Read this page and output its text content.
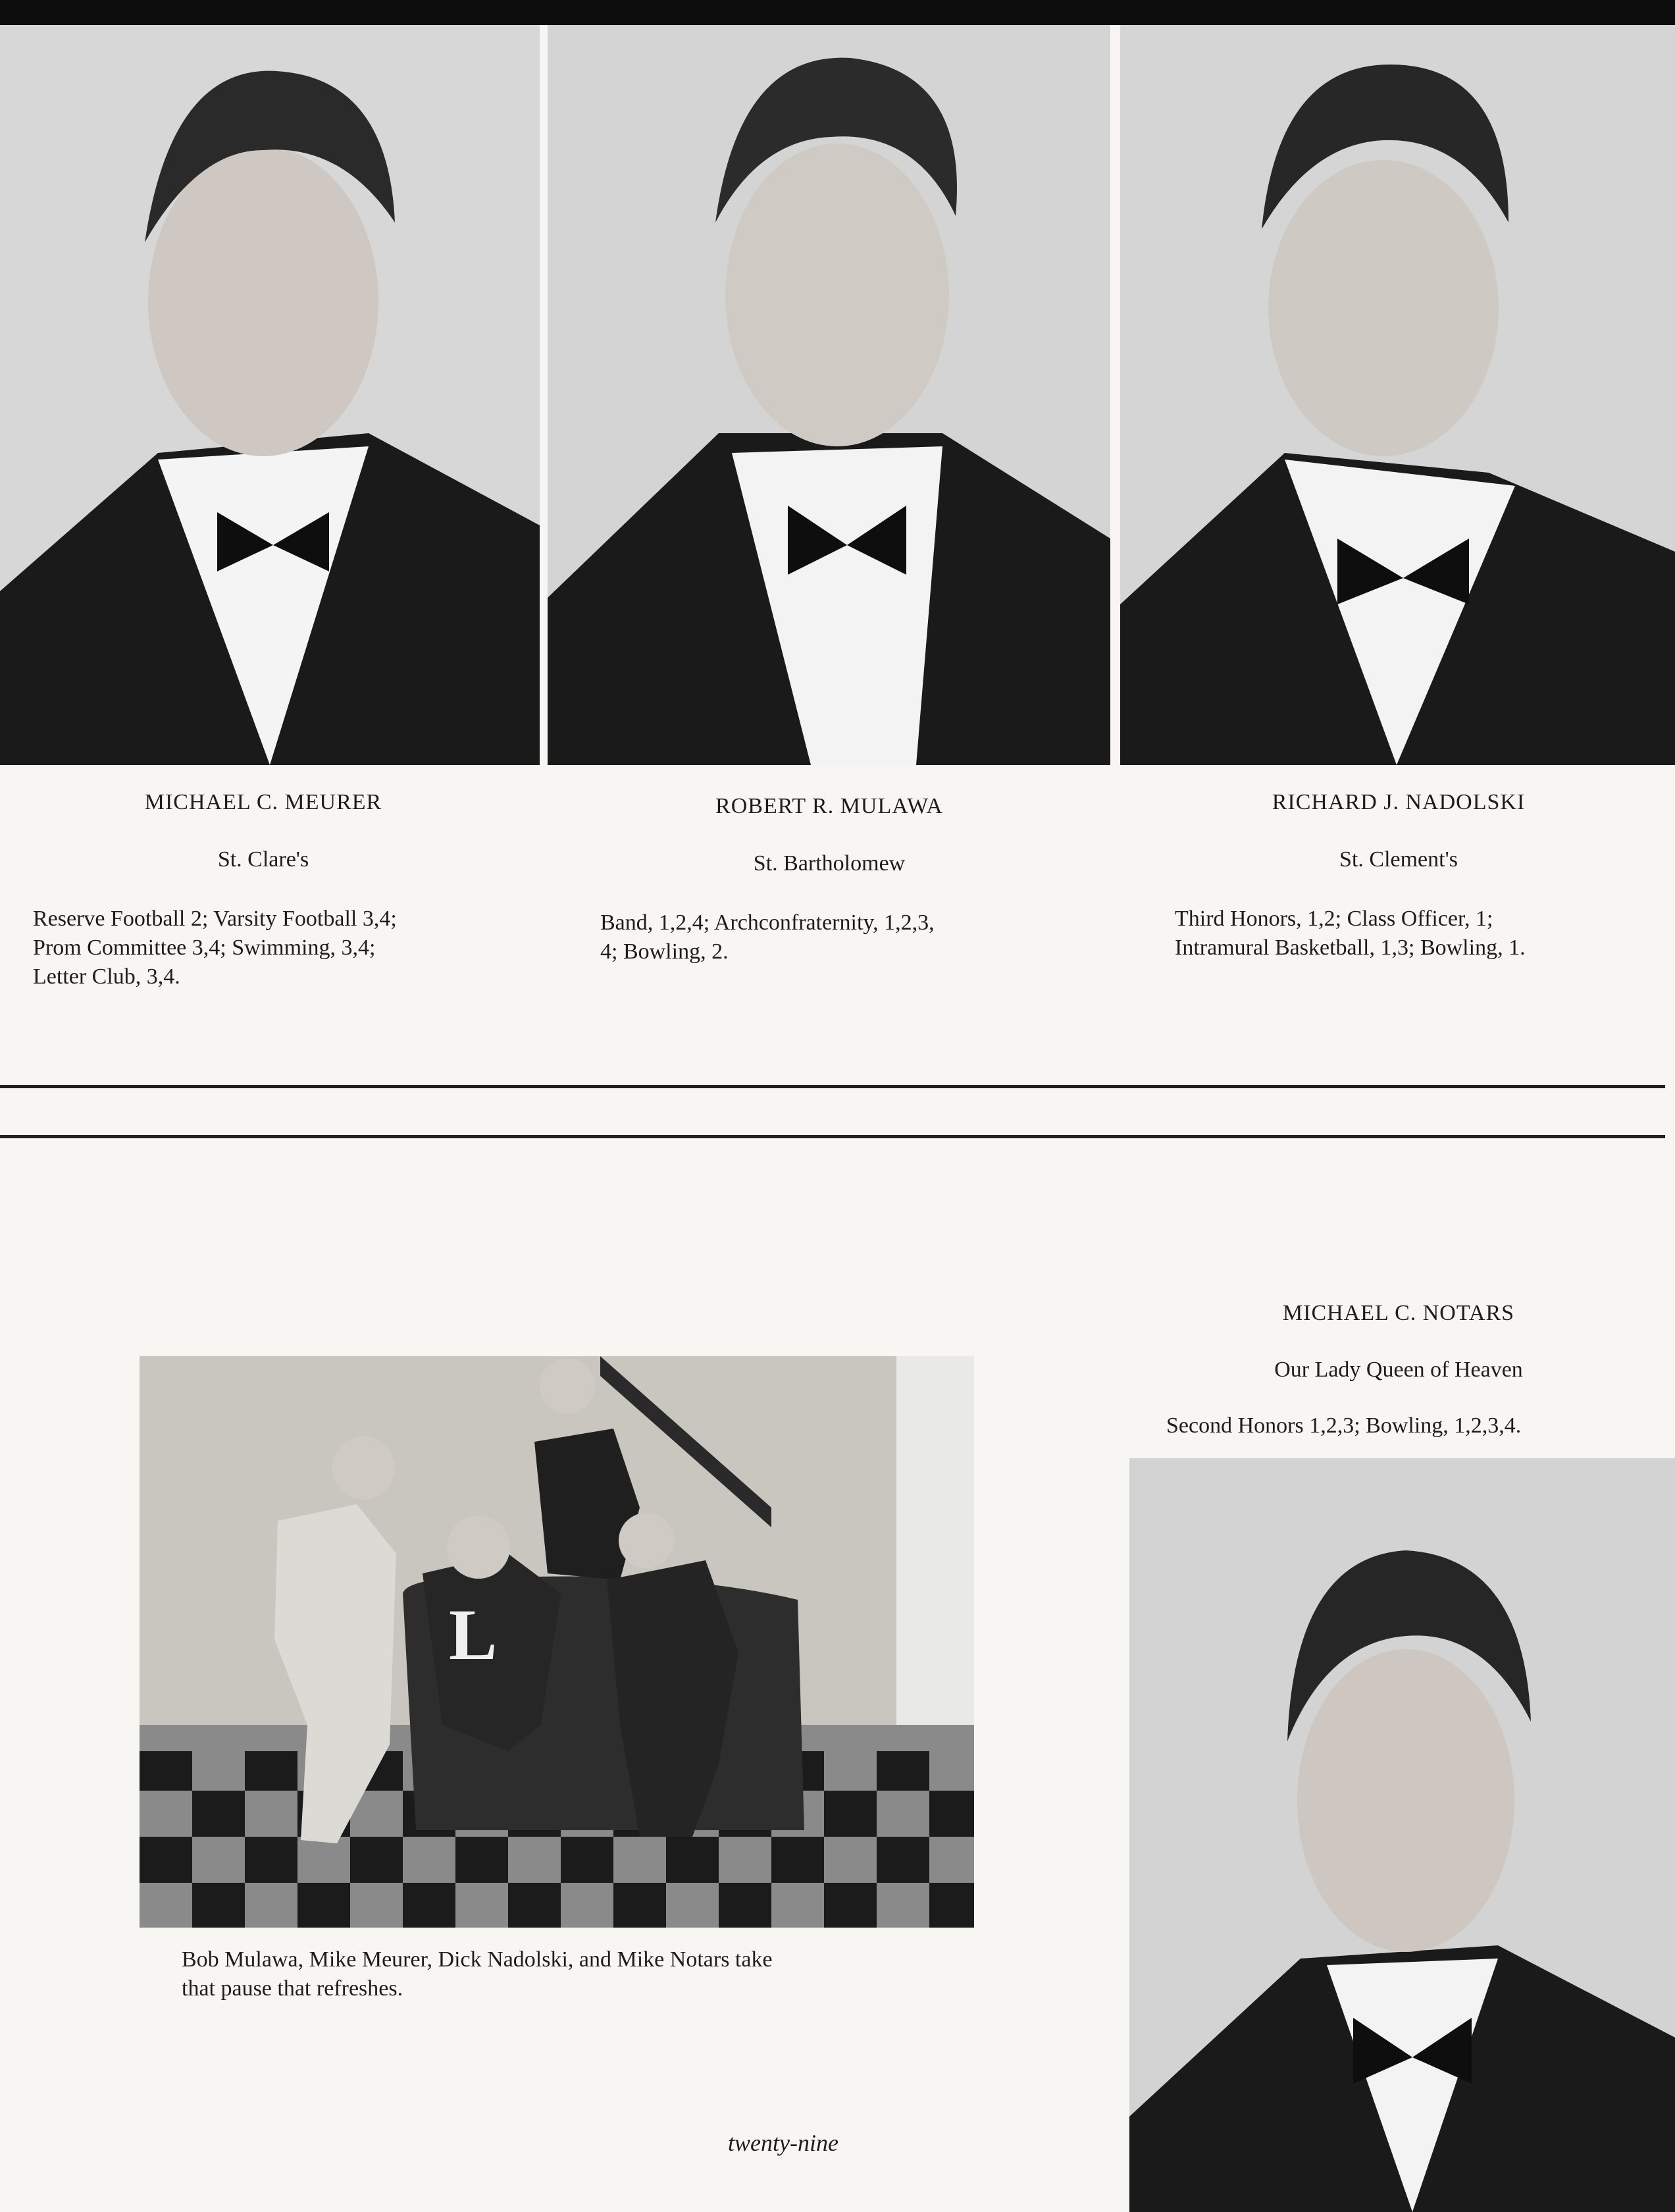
MICHAEL C. MEURER
St. Clare's
Reserve Football 2; Varsity Football 3,4;
Prom Committee 3,4; Swimming, 3,4;
Letter Club, 3,4.
ROBERT R. MULAWA
St. Bartholomew
Band, 1,2,4; Archconfraternity, 1,2,3,
4; Bowling, 2.
RICHARD J. NADOLSKI
St. Clement's
Third Honors, 1,2; Class Officer, 1;
Intramural Basketball, 1,3; Bowling, 1.
MICHAEL C. NOTARS
Our Lady Queen of Heaven
Second Honors 1,2,3; Bowling, 1,2,3,4.
L
Bob Mulawa, Mike Meurer, Dick Nadolski, and Mike Notars take
that pause that refreshes.
twenty-nine
